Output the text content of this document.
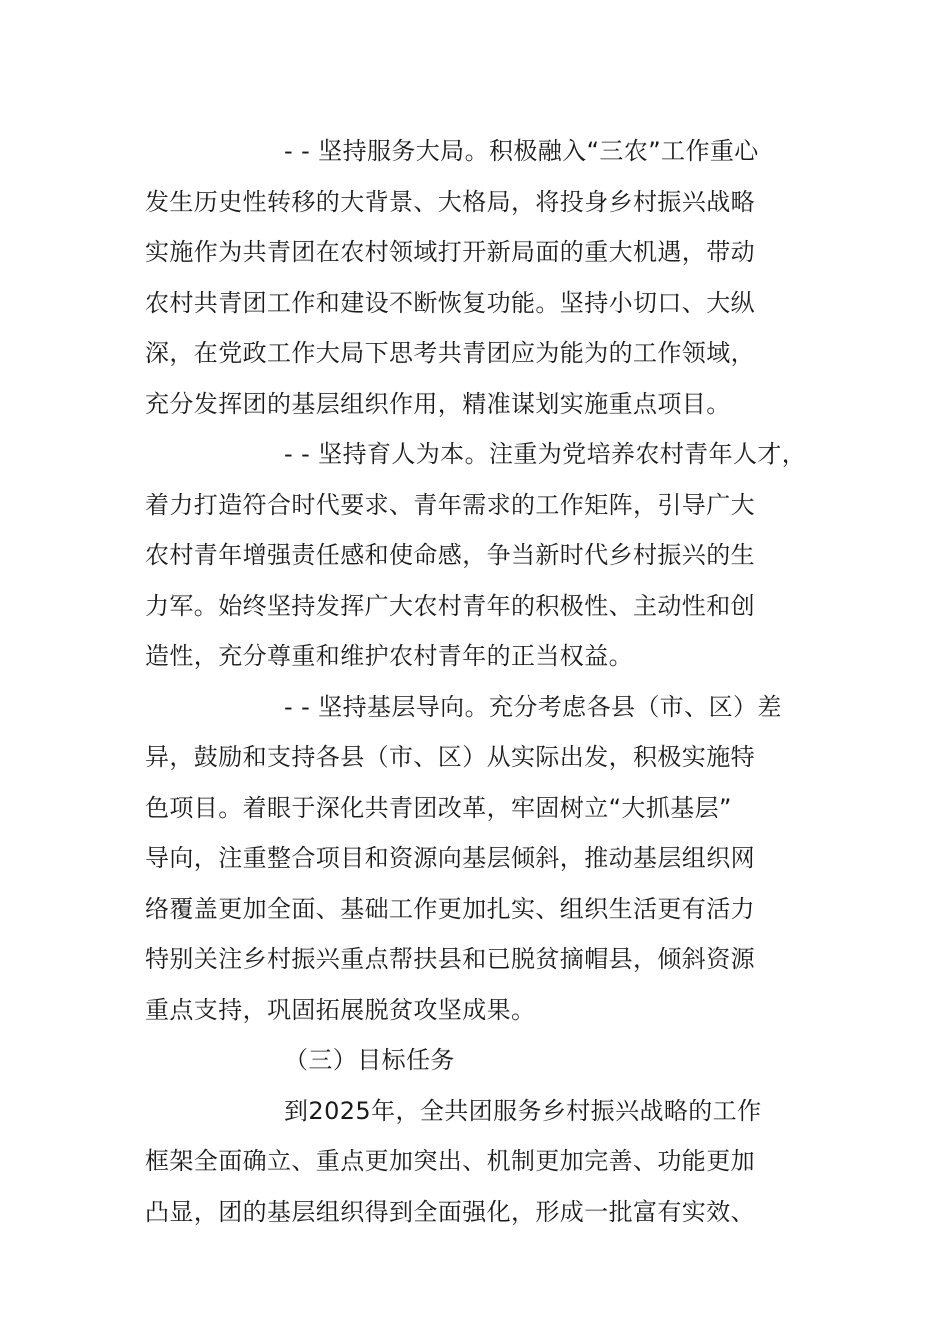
- - 坚持服务大局。积极融入“三农”工作重心
发生历史性转移的大背景、大格局，将投身乡村振兴战略
实施作为共青团在农村领域打开新局面的重大机遇，带动
农村共青团工作和建设不断恢复功能。坚持小切口、大纵
深，在党政工作大局下思考共青团应为能为的工作领域，
充分发挥团的基层组织作用，精准谋划实施重点项目。
- - 坚持育人为本。注重为党培养农村青年人才，
着力打造符合时代要求、青年需求的工作矩阵，引导广大
农村青年增强责任感和使命感，争当新时代乡村振兴的生
力军。始终坚持发挥广大农村青年的积极性、主动性和创
造性，充分尊重和维护农村青年的正当权益。
- - 坚持基层导向。充分考虑各县（市、区）差
异，鼓励和支持各县（市、区）从实际出发，积极实施特
色项目。着眼于深化共青团改革，牢固树立“大抓基层”
导向，注重整合项目和资源向基层倾斜，推动基层组织网
络覆盖更加全面、基础工作更加扎实、组织生活更有活力
特别关注乡村振兴重点帮扶县和已脱贫摘帽县，倾斜资源
重点支持，巩固拓展脱贫攻坚成果。
（三）目标任务
到2025年，全共团服务乡村振兴战略的工作
框架全面确立、重点更加突出、机制更加完善、功能更加
凸显，团的基层组织得到全面强化，形成一批富有实效、
